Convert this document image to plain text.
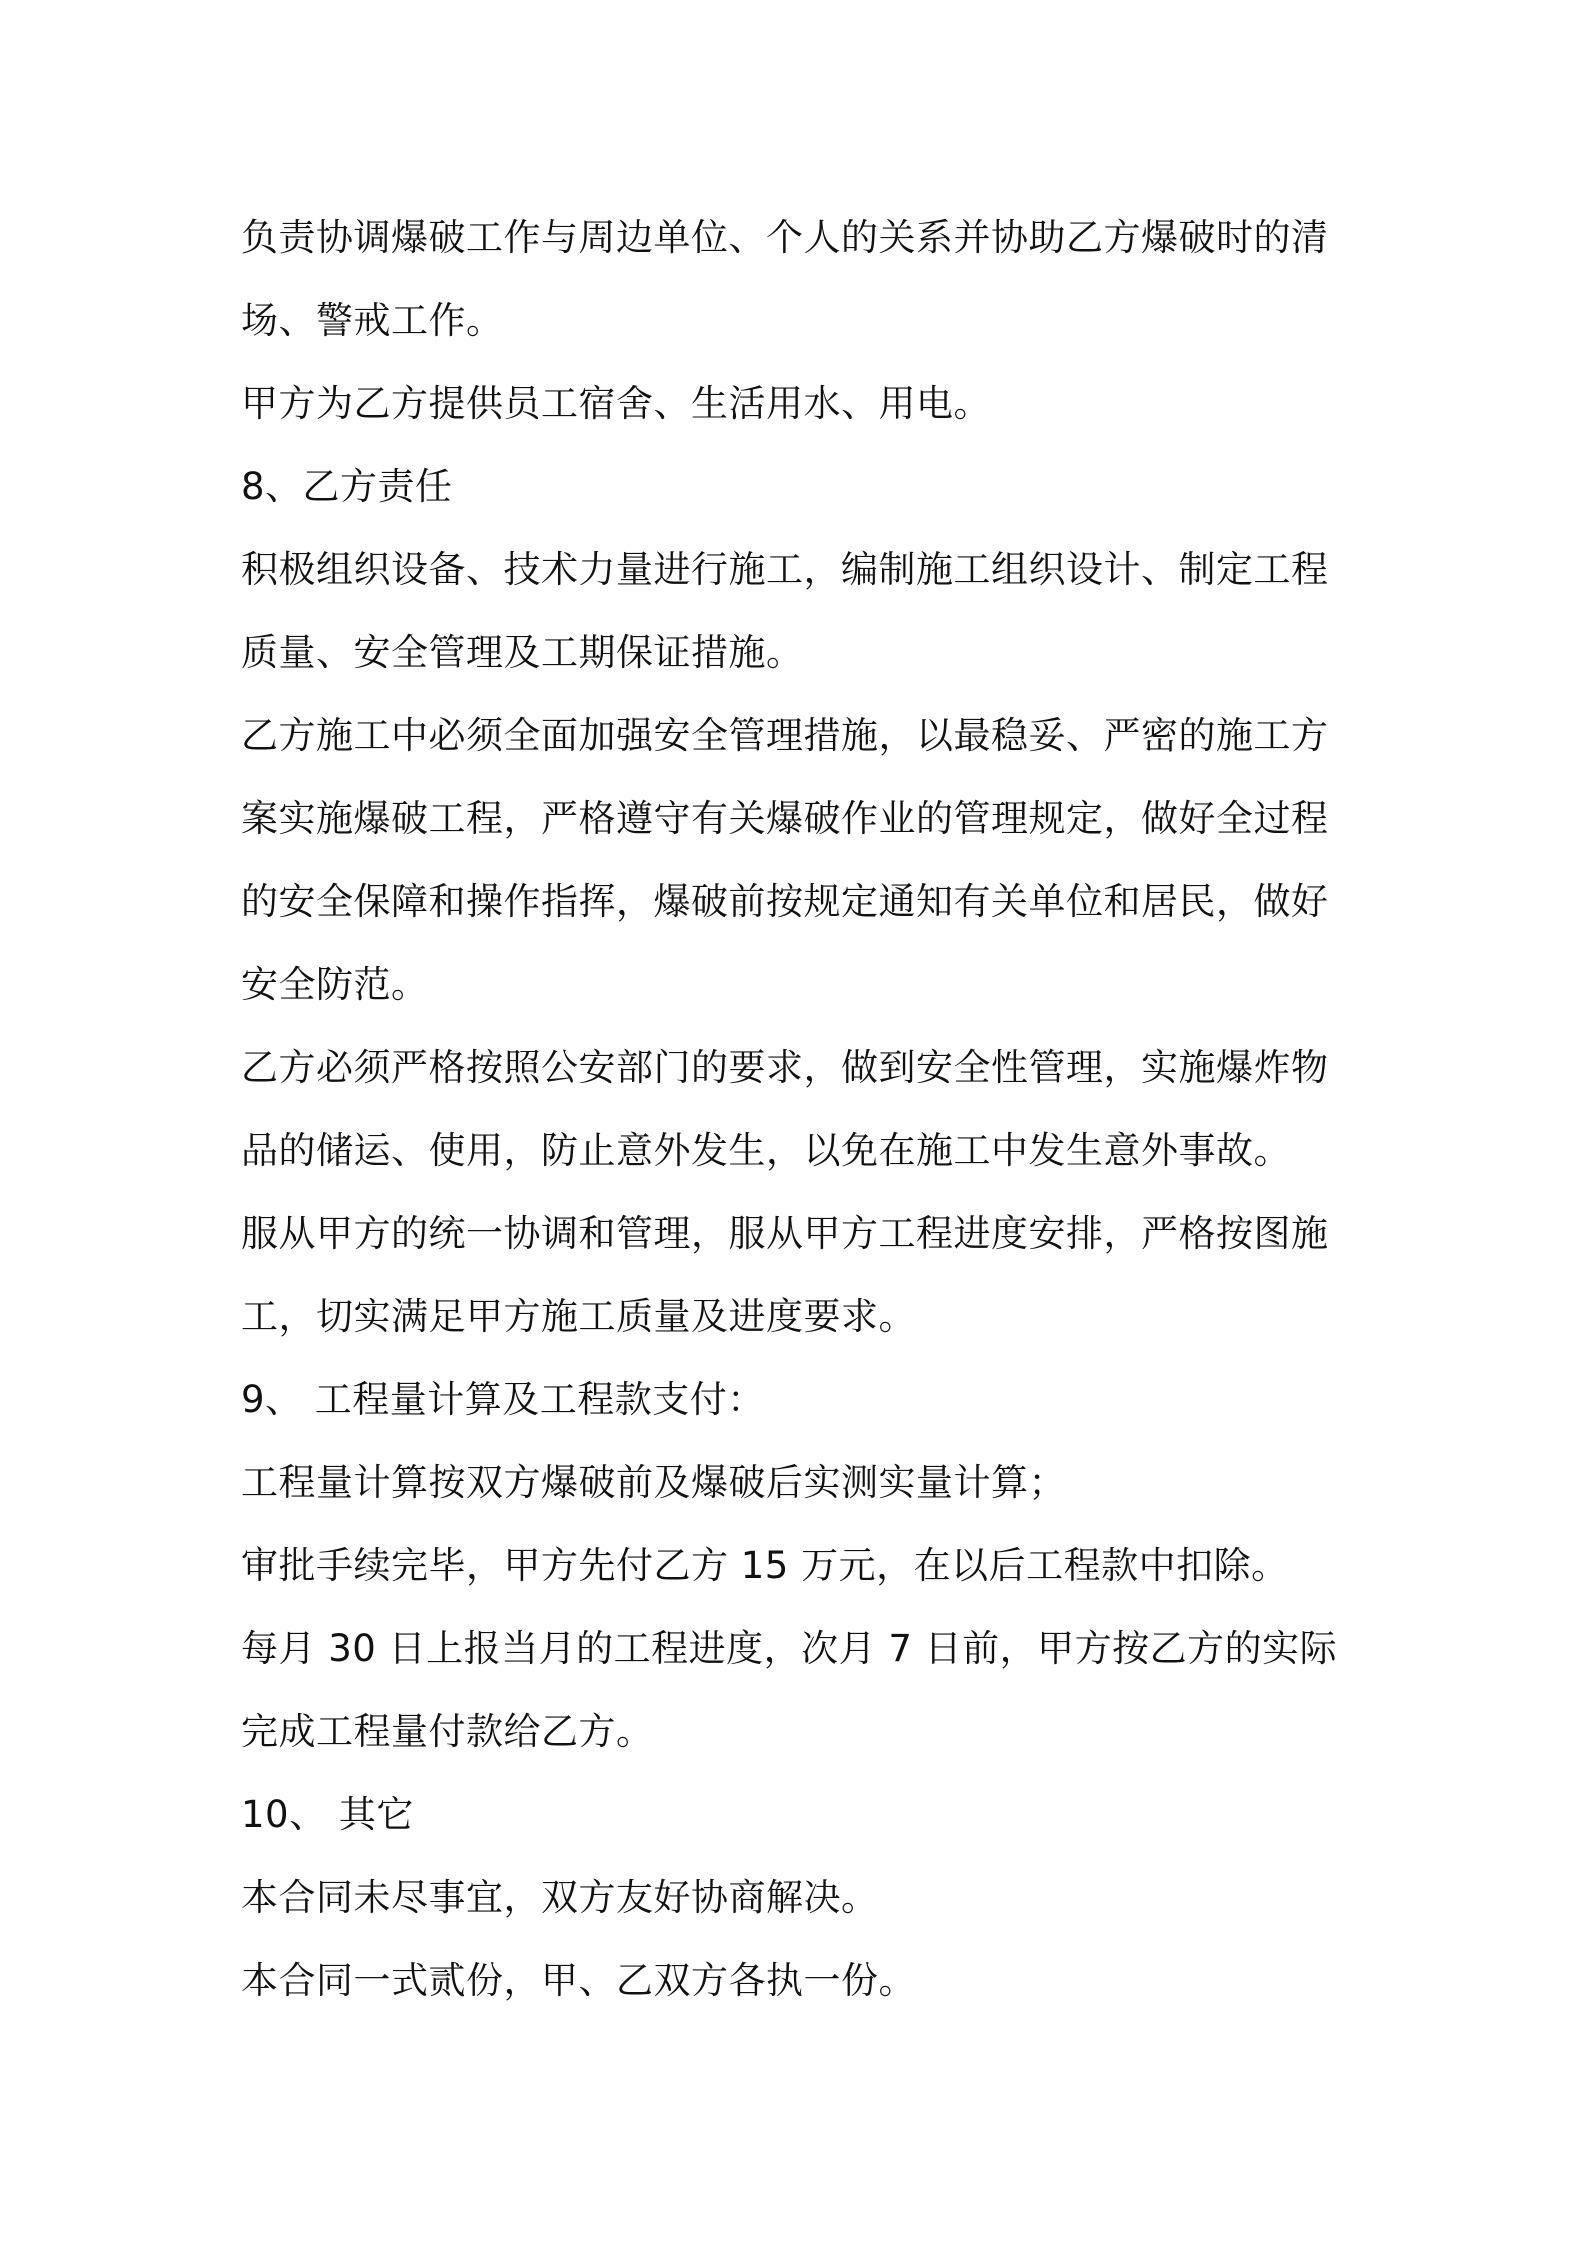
负责协调爆破工作与周边单位、个人的关系并协助乙方爆破时的清场、警戒工作。

甲方为乙方提供员工宿舍、生活用水、用电。

8、乙方责任

积极组织设备、技术力量进行施工，编制施工组织设计、制定工程质量、安全管理及工期保证措施。

乙方施工中必须全面加强安全管理措施，以最稳妥、严密的施工方案实施爆破工程，严格遵守有关爆破作业的管理规定，做好全过程的安全保障和操作指挥，爆破前按规定通知有关单位和居民，做好安全防范。

乙方必须严格按照公安部门的要求，做到安全性管理，实施爆炸物品的储运、使用，防止意外发生，以免在施工中发生意外事故。

服从甲方的统一协调和管理，服从甲方工程进度安排，严格按图施工，切实满足甲方施工质量及进度要求。

9、 工程量计算及工程款支付：

工程量计算按双方爆破前及爆破后实测实量计算；

审批手续完毕，甲方先付乙方 15 万元，在以后工程款中扣除。

每月 30 日上报当月的工程进度，次月 7 日前，甲方按乙方的实际完成工程量付款给乙方。

10、 其它

本合同未尽事宜，双方友好协商解决。

本合同一式贰份，甲、乙双方各执一份。
